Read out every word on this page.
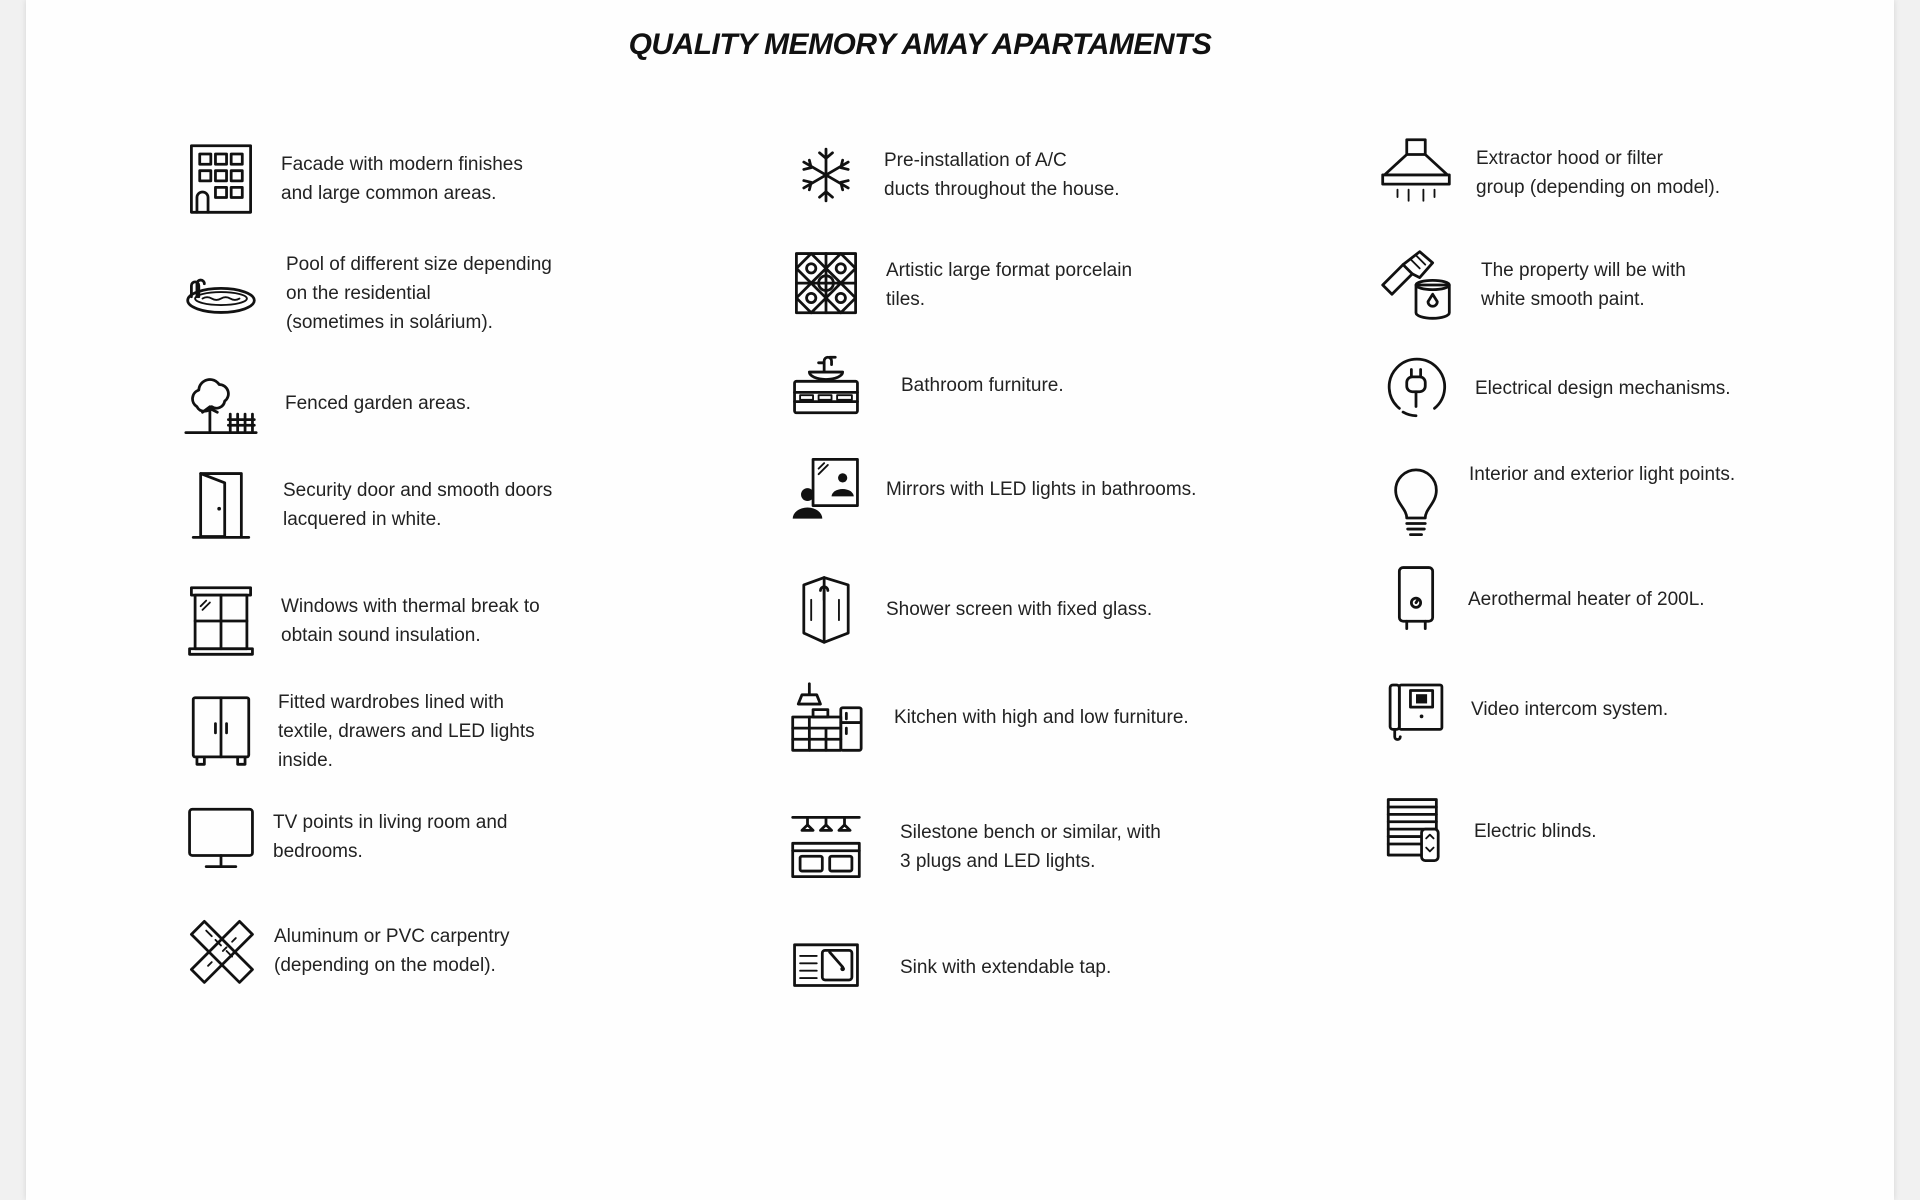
QUALITY MEMORY AMAY APARTAMENTS
Facade with modern finishes
and large common areas.
Pool of different size depending
on the residential
(sometimes in solárium).
Fenced garden areas.
Security door and smooth doors
lacquered in white.
Windows with thermal break to
obtain sound insulation.
Fitted wardrobes lined with
textile, drawers and LED lights
inside.
TV points in living room and
bedrooms.
Aluminum or PVC carpentry
(depending on the model).
Pre-installation of A/C
ducts throughout the house.
Artistic large format porcelain
tiles.
Bathroom furniture.
Mirrors with LED lights in bathrooms.
Shower screen with fixed glass.
Kitchen with high and low furniture.
Silestone bench or similar, with
3 plugs and LED lights.
Sink with extendable tap.
Extractor hood or filter
group (depending on model).
The property will be with
white smooth paint.
Electrical design mechanisms.
Interior and exterior light points.
Aerothermal heater of 200L.
Video intercom system.
Electric blinds.
